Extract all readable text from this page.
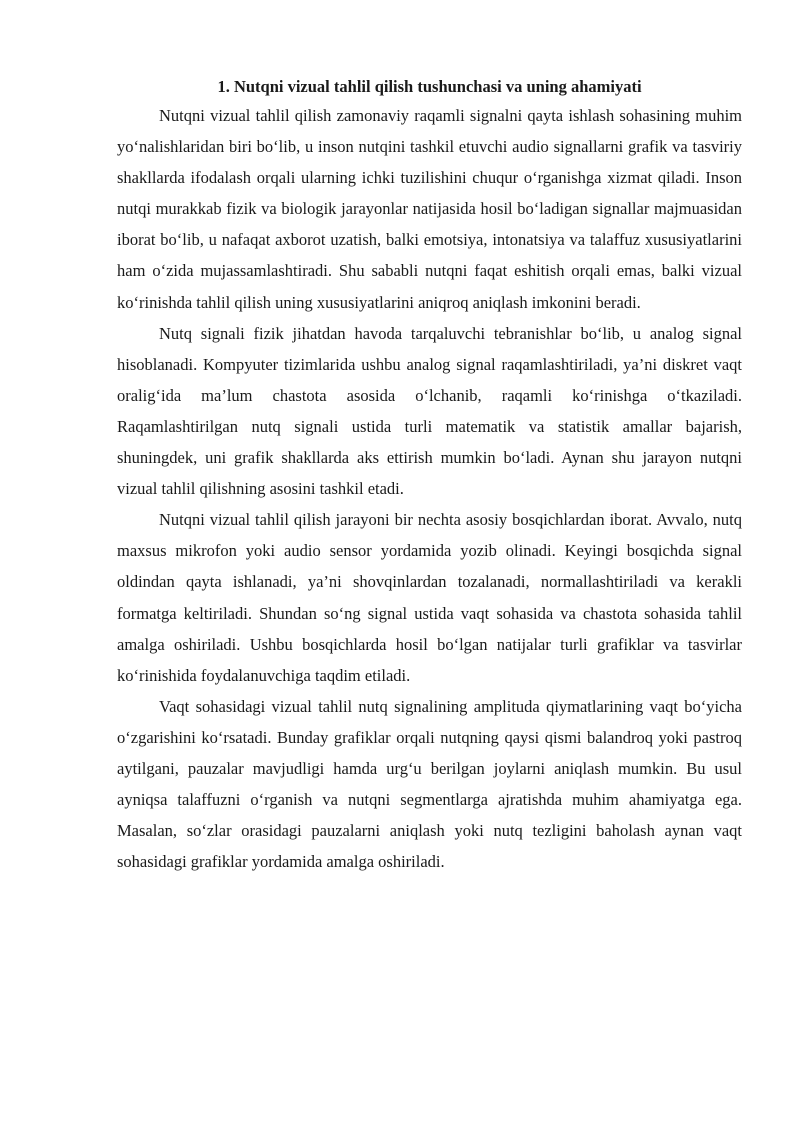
1. Nutqni vizual tahlil qilish tushunchasi va uning ahamiyati

Nutqni vizual tahlil qilish zamonaviy raqamli signalni qayta ishlash sohasining muhim yo‘nalishlaridan biri bo‘lib, u inson nutqini tashkil etuvchi audio signallarni grafik va tasviriy shakllarda ifodalash orqali ularning ichki tuzilishini chuqur o‘rganishga xizmat qiladi. Inson nutqi murakkab fizik va biologik jarayonlar natijasida hosil bo‘ladigan signallar majmuasidan iborat bo‘lib, u nafaqat axborot uzatish, balki emotsiya, intonatsiya va talaffuz xususiyatlarini ham o‘zida mujassamlashtiradi. Shu sababli nutqni faqat eshitish orqali emas, balki vizual ko‘rinishda tahlil qilish uning xususiyatlarini aniqroq aniqlash imkonini beradi.

Nutq signali fizik jihatdan havoda tarqaluvchi tebranishlar bo‘lib, u analog signal hisoblanadi. Kompyuter tizimlarida ushbu analog signal raqamlashtiriladi, ya’ni diskret vaqt oralig‘ida ma’lum chastota asosida o‘lchanib, raqamli ko‘rinishga o‘tkaziladi. Raqamlashtirilgan nutq signali ustida turli matematik va statistik amallar bajarish, shuningdek, uni grafik shakllarda aks ettirish mumkin bo‘ladi. Aynan shu jarayon nutqni vizual tahlil qilishning asosini tashkil etadi.

Nutqni vizual tahlil qilish jarayoni bir nechta asosiy bosqichlardan iborat. Avvalo, nutq maxsus mikrofon yoki audio sensor yordamida yozib olinadi. Keyingi bosqichda signal oldindan qayta ishlanadi, ya’ni shovqinlardan tozalanadi, normallashtiriladi va kerakli formatga keltiriladi. Shundan so‘ng signal ustida vaqt sohasida va chastota sohasida tahlil amalga oshiriladi. Ushbu bosqichlarda hosil bo‘lgan natijalar turli grafiklar va tasvirlar ko‘rinishida foydalanuvchiga taqdim etiladi.

Vaqt sohasidagi vizual tahlil nutq signalining amplituda qiymatlarining vaqt bo‘yicha o‘zgarishini ko‘rsatadi. Bunday grafiklar orqali nutqning qaysi qismi balandroq yoki pastroq aytilgani, pauzalar mavjudligi hamda urg‘u berilgan joylarni aniqlash mumkin. Bu usul ayniqsa talaffuzni o‘rganish va nutqni segmentlarga ajratishda muhim ahamiyatga ega. Masalan, so‘zlar orasidagi pauzalarni aniqlash yoki nutq tezligini baholash aynan vaqt sohasidagi grafiklar yordamida amalga oshiriladi.
